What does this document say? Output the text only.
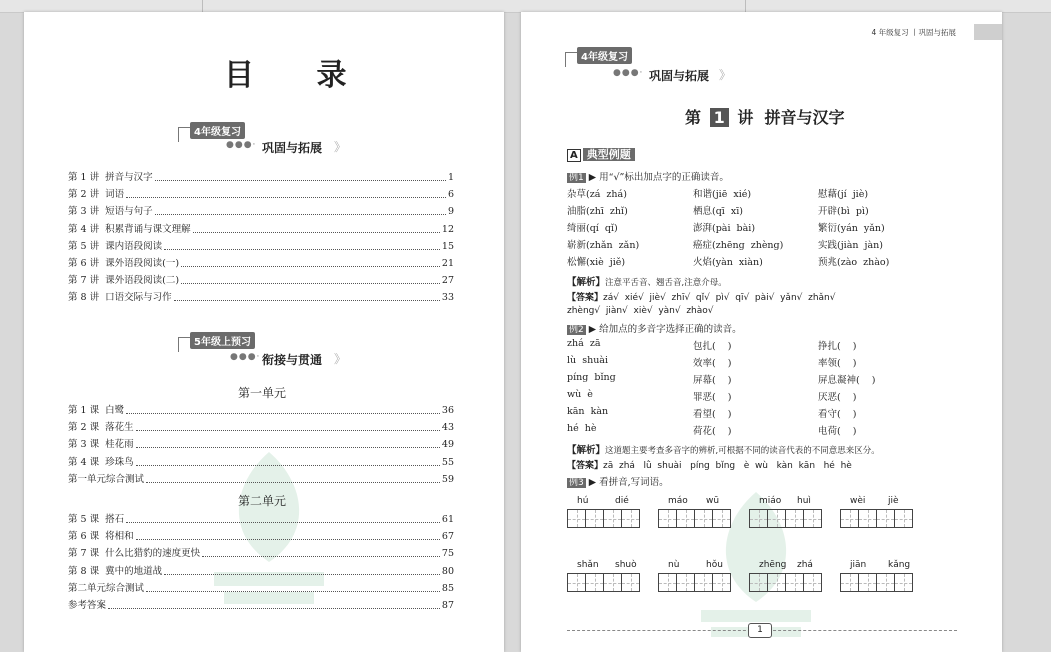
目 录
4年级复习
●●●· 巩固与拓展 》
第 1 讲  拼音与汉字	1
第 2 讲  词语	6
第 3 讲  短语与句子	9
第 4 讲  积累背诵与课文理解	12
第 5 讲  课内语段阅读	15
第 6 讲  课外语段阅读(一)	21
第 7 讲  课外语段阅读(二)	27
第 8 讲  口语交际与习作	33
5年级上预习
●●●· 衔接与贯通 》
第一单元
第 1 课  白鹭	36
第 2 课  落花生	43
第 3 课  桂花雨	49
第 4 课  珍珠鸟	55
第一单元综合测试	59
第二单元
第 5 课  搭石	61
第 6 课  将相和	67
第 7 课  什么比猎豹的速度更快	75
第 8 课  冀中的地道战	80
第二单元综合测试	85
参考答案	87
4 年级复习 丨巩固与拓展
4年级复习
●●●· 巩固与拓展 》
第 1 讲  拼音与汉字
A 典型例题
例1 ▶ 用“√”标出加点字的正确读音。
杂草(zá  zhá)	和谐(jiē  xié)	慰藉(jí  jiè)
油脂(zhī  zhǐ)	栖息(qī  xī)	开辟(bì  pì)
绮丽(qí  qǐ)	澎湃(pài  bài)	繁衍(yán  yǎn)
崭新(zhǎn  zǎn)	癌症(zhēng  zhèng)	实践(jiàn  jàn)
松懈(xiè  jiě)	火焰(yàn  xiàn)	预兆(zào  zhào)
【解析】注意平舌音、翘舌音,注意介母。
【答案】zá√  xié√  jiè√  zhī√  qǐ√  pì√  qī√  pài√  yǎn√  zhǎn√
zhèng√  jiàn√  xiè√  yàn√  zhào√
例2 ▶ 给加点的多音字选择正确的读音。
zhá  zā	包扎(    )	挣扎(    )
lù  shuài	效率(    )	率领(    )
píng  bǐng	屏幕(    )	屏息凝神(    )
wù  è	罪恶(    )	厌恶(    )
kān  kàn	看望(    )	看守(    )
hé  hè	荷花(    )	电荷(    )
【解析】这道题主要考查多音字的辨析,可根据不同的读音代表的不同意思来区分。
【答案】zā  zhá   lǜ  shuài   píng  bǐng   è  wù   kàn  kān   hé  hè
例3 ▶ 看拼音,写词语。
hú	dié	máo wū	miáo huì	wèi	jiè
shǎn shuò	nù	hǒu	zhēng zhá	jiān kǎng
1
